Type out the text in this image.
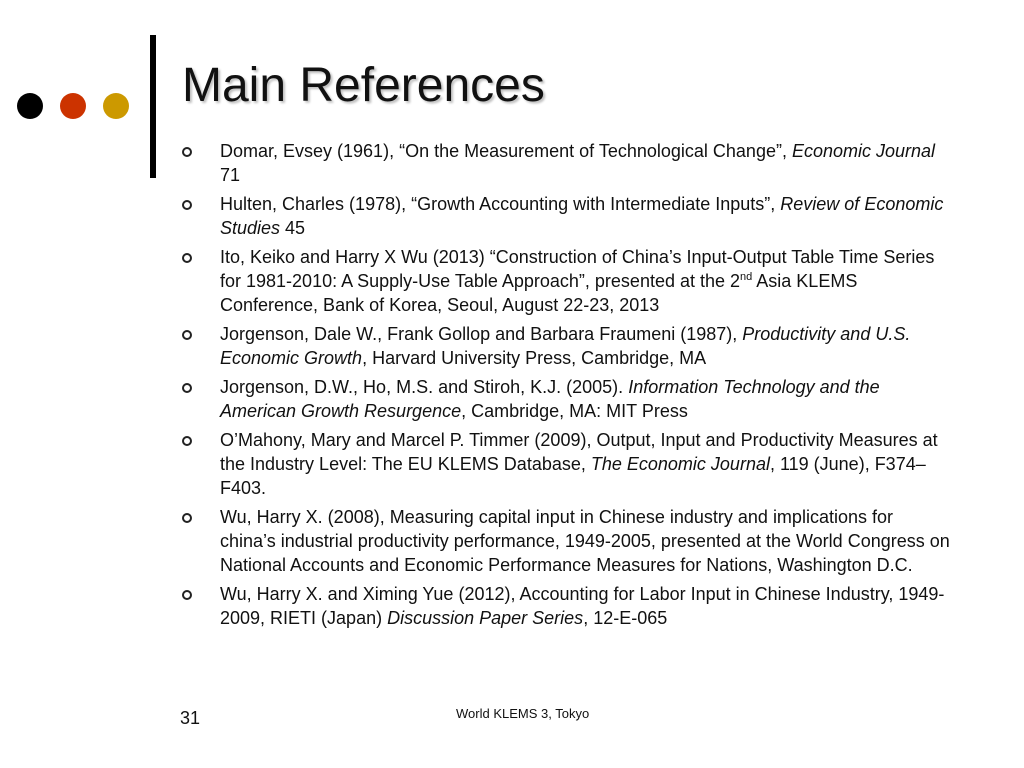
Main References
Domar, Evsey (1961), “On the Measurement of Technological Change”, Economic Journal 71
Hulten, Charles (1978), “Growth Accounting with Intermediate Inputs”, Review of Economic Studies 45
Ito, Keiko and Harry X Wu (2013) “Construction of China’s Input-Output Table Time Series for 1981-2010: A Supply-Use Table Approach”, presented at the 2nd Asia KLEMS Conference, Bank of Korea, Seoul, August 22-23, 2013
Jorgenson, Dale W., Frank Gollop and Barbara Fraumeni (1987), Productivity and U.S. Economic Growth, Harvard University Press, Cambridge, MA
Jorgenson, D.W., Ho, M.S. and Stiroh, K.J. (2005). Information Technology and the American Growth Resurgence, Cambridge, MA: MIT Press
O’Mahony, Mary and Marcel P. Timmer (2009), Output, Input and Productivity Measures at the Industry Level: The EU KLEMS Database, The Economic Journal, 119 (June), F374–F403.
Wu, Harry X. (2008), Measuring capital input in Chinese industry and implications for china’s industrial productivity performance, 1949-2005, presented at the World Congress on National Accounts and Economic Performance Measures for Nations, Washington D.C.
Wu, Harry X. and Ximing Yue (2012), Accounting for Labor Input in Chinese Industry, 1949-2009, RIETI (Japan) Discussion Paper Series, 12-E-065
31	World KLEMS 3, Tokyo
